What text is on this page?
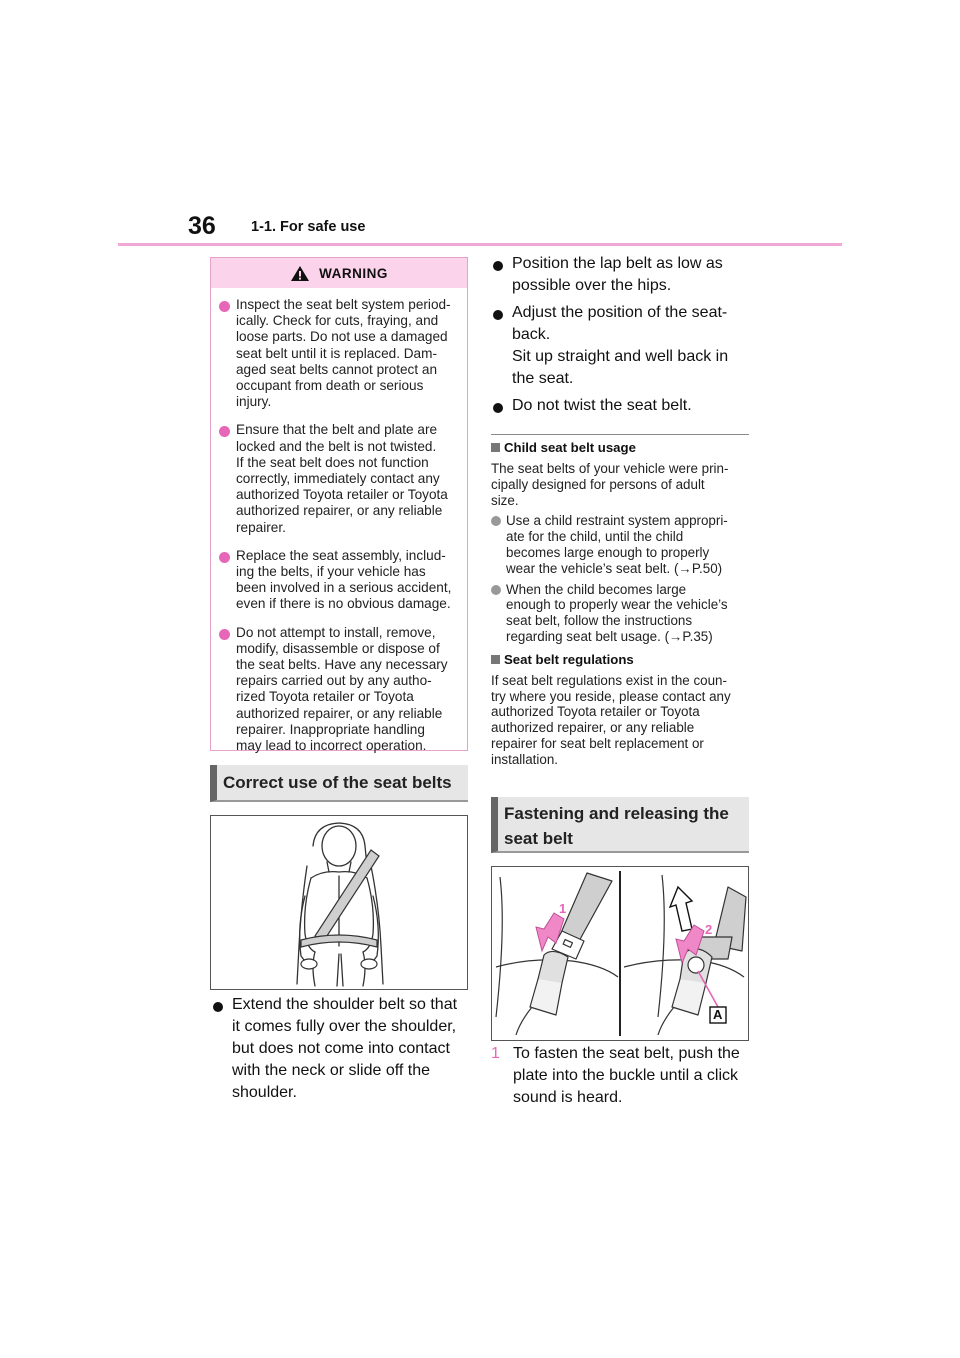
36 1-1. For safe use
WARNING
Inspect the seat belt system period-
ically. Check for cuts, fraying, and
loose parts. Do not use a damaged
seat belt until it is replaced. Dam-
aged seat belts cannot protect an
occupant from death or serious
injury.
Ensure that the belt and plate are
locked and the belt is not twisted.
If the seat belt does not function
correctly, immediately contact any
authorized Toyota retailer or Toyota
authorized repairer, or any reliable
repairer.
Replace the seat assembly, includ-
ing the belts, if your vehicle has
been involved in a serious accident,
even if there is no obvious damage.
Do not attempt to install, remove,
modify, disassemble or dispose of
the seat belts. Have any necessary
repairs carried out by any autho-
rized Toyota retailer or Toyota
authorized repairer, or any reliable
repairer. Inappropriate handling
may lead to incorrect operation.
Correct use of the seat belts
Extend the shoulder belt so that
it comes fully over the shoulder,
but does not come into contact
with the neck or slide off the
shoulder.
Position the lap belt as low as
possible over the hips.
Adjust the position of the seat-
back.
Sit up straight and well back in
the seat.
Do not twist the seat belt.
Child seat belt usage
The seat belts of your vehicle were prin-
cipally designed for persons of adult
size.
Use a child restraint system appropri-
ate for the child, until the child
becomes large enough to properly
wear the vehicle’s seat belt. (→P.50)
When the child becomes large
enough to properly wear the vehicle’s
seat belt, follow the instructions
regarding seat belt usage. (→P.35)
Seat belt regulations
If seat belt regulations exist in the coun-
try where you reside, please contact any
authorized Toyota retailer or Toyota
authorized repairer, or any reliable
repairer for seat belt replacement or
installation.
Fastening and releasing the
seat belt
1
2
A
1 To fasten the seat belt, push the
plate into the buckle until a click
sound is heard.
